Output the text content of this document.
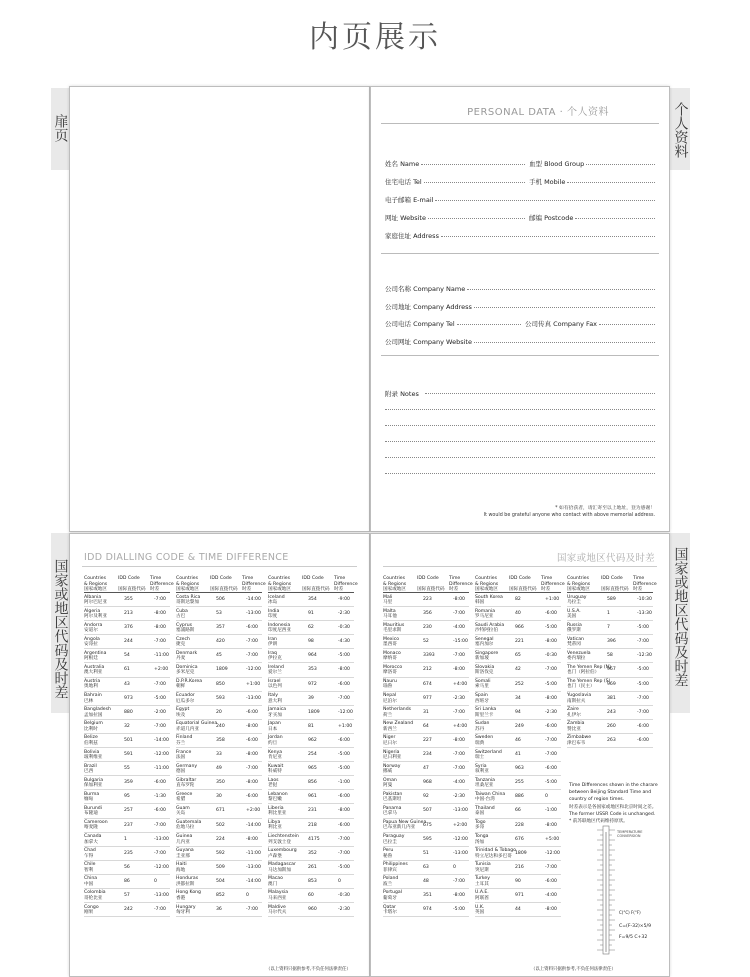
内页展示
扉页	个人资料
国家或地区代码及时差	国家或地区代码及时差
PERSONAL DATA · 个人资料
姓名 Name	血型 Blood Group
住宅电话 Tel	手机 Mobile
电子邮箱 E-mail
网址 Website	邮编 Postcode
家庭住址 Address
公司名称 Company Name
公司地址 Company Address
公司电话 Company Tel	公司传真 Company Fax
公司网址 Company Website
附录 Notes
* 如有拾获者，请汇寄至以上地址，登为感谢！
It would be grateful anyone who contact with above memorial address.
IDD DIALLING CODE & TIME DIFFERENCE
Countries
& Regions
国家或地区
IDD Code

国际直拨代码
Time
Difference
时差
Albania
阿尔巴尼亚
355	-7:00
Algeria
阿尔及利亚
213	-8:00
Andorra
安道尔
376	-8:00
Angola
安哥拉
244	-7:00
Argentina
阿根廷
54	-11:00
Australia
澳大利亚
61	+2:00
Austria
奥地利
43	-7:00
Bahrain
巴林
973	-5:00
Bangladesh
孟加拉国
880	-2:00
Belgium
比利时
32	-7:00
Belize
伯利兹
501	-14:00
Bolivia
玻利维亚
591	-12:00
Brazil
巴西
55	-11:00
Bulgaria
保加利亚
359	-6:00
Burma
缅甸
95	-1:30
Burundi
布隆迪
257	-6:00
Cameroon
喀麦隆
237	-7:00
Canada
加拿大
1	-13:00
Chad
乍得
235	-7:00
Chile
智利
56	-12:00
China
中国
86	0
Colombia
哥伦比亚
57	-13:00
Congo
刚果
242	-7:00
Countries
& Regions
国家或地区
IDD Code

国际直拨代码
Time
Difference
时差
Costa Rica
哥斯达黎加
506	-14:00
Cuba
古巴
53	-13:00
Cyprus
塞浦路斯
357	-6:00
Czech
捷克
420	-7:00
Denmark
丹麦
45	-7:00
Dominica
多米尼克
1809	-12:00
D.P.R.Korea
朝鲜
850	+1:00
Ecuador
厄瓜多尔
593	-13:00
Egypt
埃及
20	-6:00
Equatorial Guinea
赤道几内亚
240	-8:00
Finland
芬兰
358	-6:00
France
法国
33	-8:00
Germany
德国
49	-7:00
Gibraltar
直布罗陀
350	-8:00
Greece
希腊
30	-6:00
Guam
关岛
671	+2:00
Guatemala
危地马拉
502	-14:00
Guinea
几内亚
224	-8:00
Guyana
圭亚那
592	-11:00
Haiti
海地
509	-13:00
Honduras
洪都拉斯
504	-14:00
Hong Kong
香港
852	0
Hungary
匈牙利
36	-7:00
Countries
& Regions
国家或地区
IDD Code

国际直拨代码
Time
Difference
时差
Iceland
冰岛
354	-9:00
India
印度
91	-2:30
Indonesia
印度尼西亚
62	-0:30
Iran
伊朗
98	-4:30
Iraq
伊拉克
964	-5:00
Ireland
爱尔兰
353	-8:00
Israel
以色列
972	-6:00
Italy
意大利
39	-7:00
Jamaica
牙买加
1809	-12:00
Japan
日本
81	+1:00
Jordan
约旦
962	-6:00
Kenya
肯尼亚
254	-5:00
Kuwait
科威特
965	-5:00
Laos
老挝
856	-1:00
Lebanon
黎巴嫩
961	-6:00
Liberia
利比里亚
231	-8:00
Libya
利比亚
218	-6:00
Liechtenstein
列支敦士登
4175	-7:00
Luxembourg
卢森堡
352	-7:00
Madagascar
马达加斯加
261	-5:00
Macao
澳门
853	0
Malaysia
马来西亚
60	-0:30
Maldive
马尔代夫
960	-2:30
（以上资料只据供参考,不负任何法律责任）
国家或地区代码及时差
Countries
& Regions
国家或地区
IDD Code

国际直拨代码
Time
Difference
时差
Mali
马里
223	-8:00
Malta
马耳他
356	-7:00
Mauritius
毛里求斯
230	-4:00
Mexico
墨西哥
52	-15:00
Monaco
摩纳哥
3393	-7:00
Morocco
摩洛哥
212	-8:00
Nauru
瑙鲁
674	+4:00
Nepal
尼泊尔
977	-2:30
Netherlands
荷兰
31	-7:00
New Zealand
新西兰
64	+4:00
Niger
尼日尔
227	-8:00
Nigeria
尼日利亚
234	-7:00
Norway
挪威
47	-7:00
Oman
阿曼
968	-4:00
Pakistan
巴基斯坦
92	-2:30
Panama
巴拿马
507	-13:00
Papua New Guinea
巴布亚新几内亚
675	+2:00
Paraguay
巴拉圭
595	-12:00
Peru
秘鲁
51	-13:00
Philippines
菲律宾
63	0
Poland
波兰
48	-7:00
Portugal
葡萄牙
351	-8:00
Qatar
卡塔尔
974	-5:00
Countries
& Regions
国家或地区
IDD Code

国际直拨代码
Time
Difference
时差
South Korea
韩国
82	+1:00
Romania
罗马尼亚
40	-6:00
Saudi Arabia
沙特阿拉伯
966	-5:00
Senegal
塞内加尔
221	-8:00
Singapore
新加坡
65	-0:30
Slovakia
斯洛伐克
42	-7:00
Somali
索马里
252	-5:00
Spain
西班牙
34	-8:00
Sri Lanka
斯里兰卡
94	-2:30
Sudan
苏丹
249	-6:00
Sweden
瑞典
46	-7:00
Switzerland
瑞士
41	-7:00
Syria
叙利亚
963	-6:00
Tanzania
坦桑尼亚
255	-5:00
Taiwan China
中国·台湾
886	0
Thailand
泰国
66	-1:00
Togo
多哥
228	-8:00
Tonga
汤加
676	+5:00
Trinidad & Tobago
特立尼达和多巴哥
1809	-12:00
Tunisia
突尼斯
216	-7:00
Turkey
土耳其
90	-6:00
U.A.E.
阿联酋
971	-4:00
U.K.
英国
44	-8:00
Countries
& Regions
国家或地区
IDD Code

国际直拨代码
Time
Difference
时差
Uruguay
乌拉圭
589	-10:30
U.S.A.
美国
1	-13:30
Russia
俄罗斯
7	-5:00
Vatican
梵蒂冈
396	-7:00
Venezuela
委内瑞拉
58	-12:30
The Yemen Rep (N)
也门（阿拉伯）
967	-5:00
The Yemen Rep (S)
也门（民主）
969	-5:00
Yugoslavia
南斯拉夫
381	-7:00
Zaire
扎伊尔
243	-7:00
Zambia
赞比亚
260	-6:00
Zimbabwe
津巴布韦
263	-6:00
Time Differences shown in the charare
between Beijing Standard Time and
country of region times.
时差表示是各国家或地区和北京时间之差。
The former USSR Code is unchanged.
* 前苏联地区代码维持原状。
TEMPERATURE CONVERSION
C(°C) F(°F)
C=(F-32)×5/9
F=9/5 C+32
（以上资料只据供参考,不负任何法律责任）
